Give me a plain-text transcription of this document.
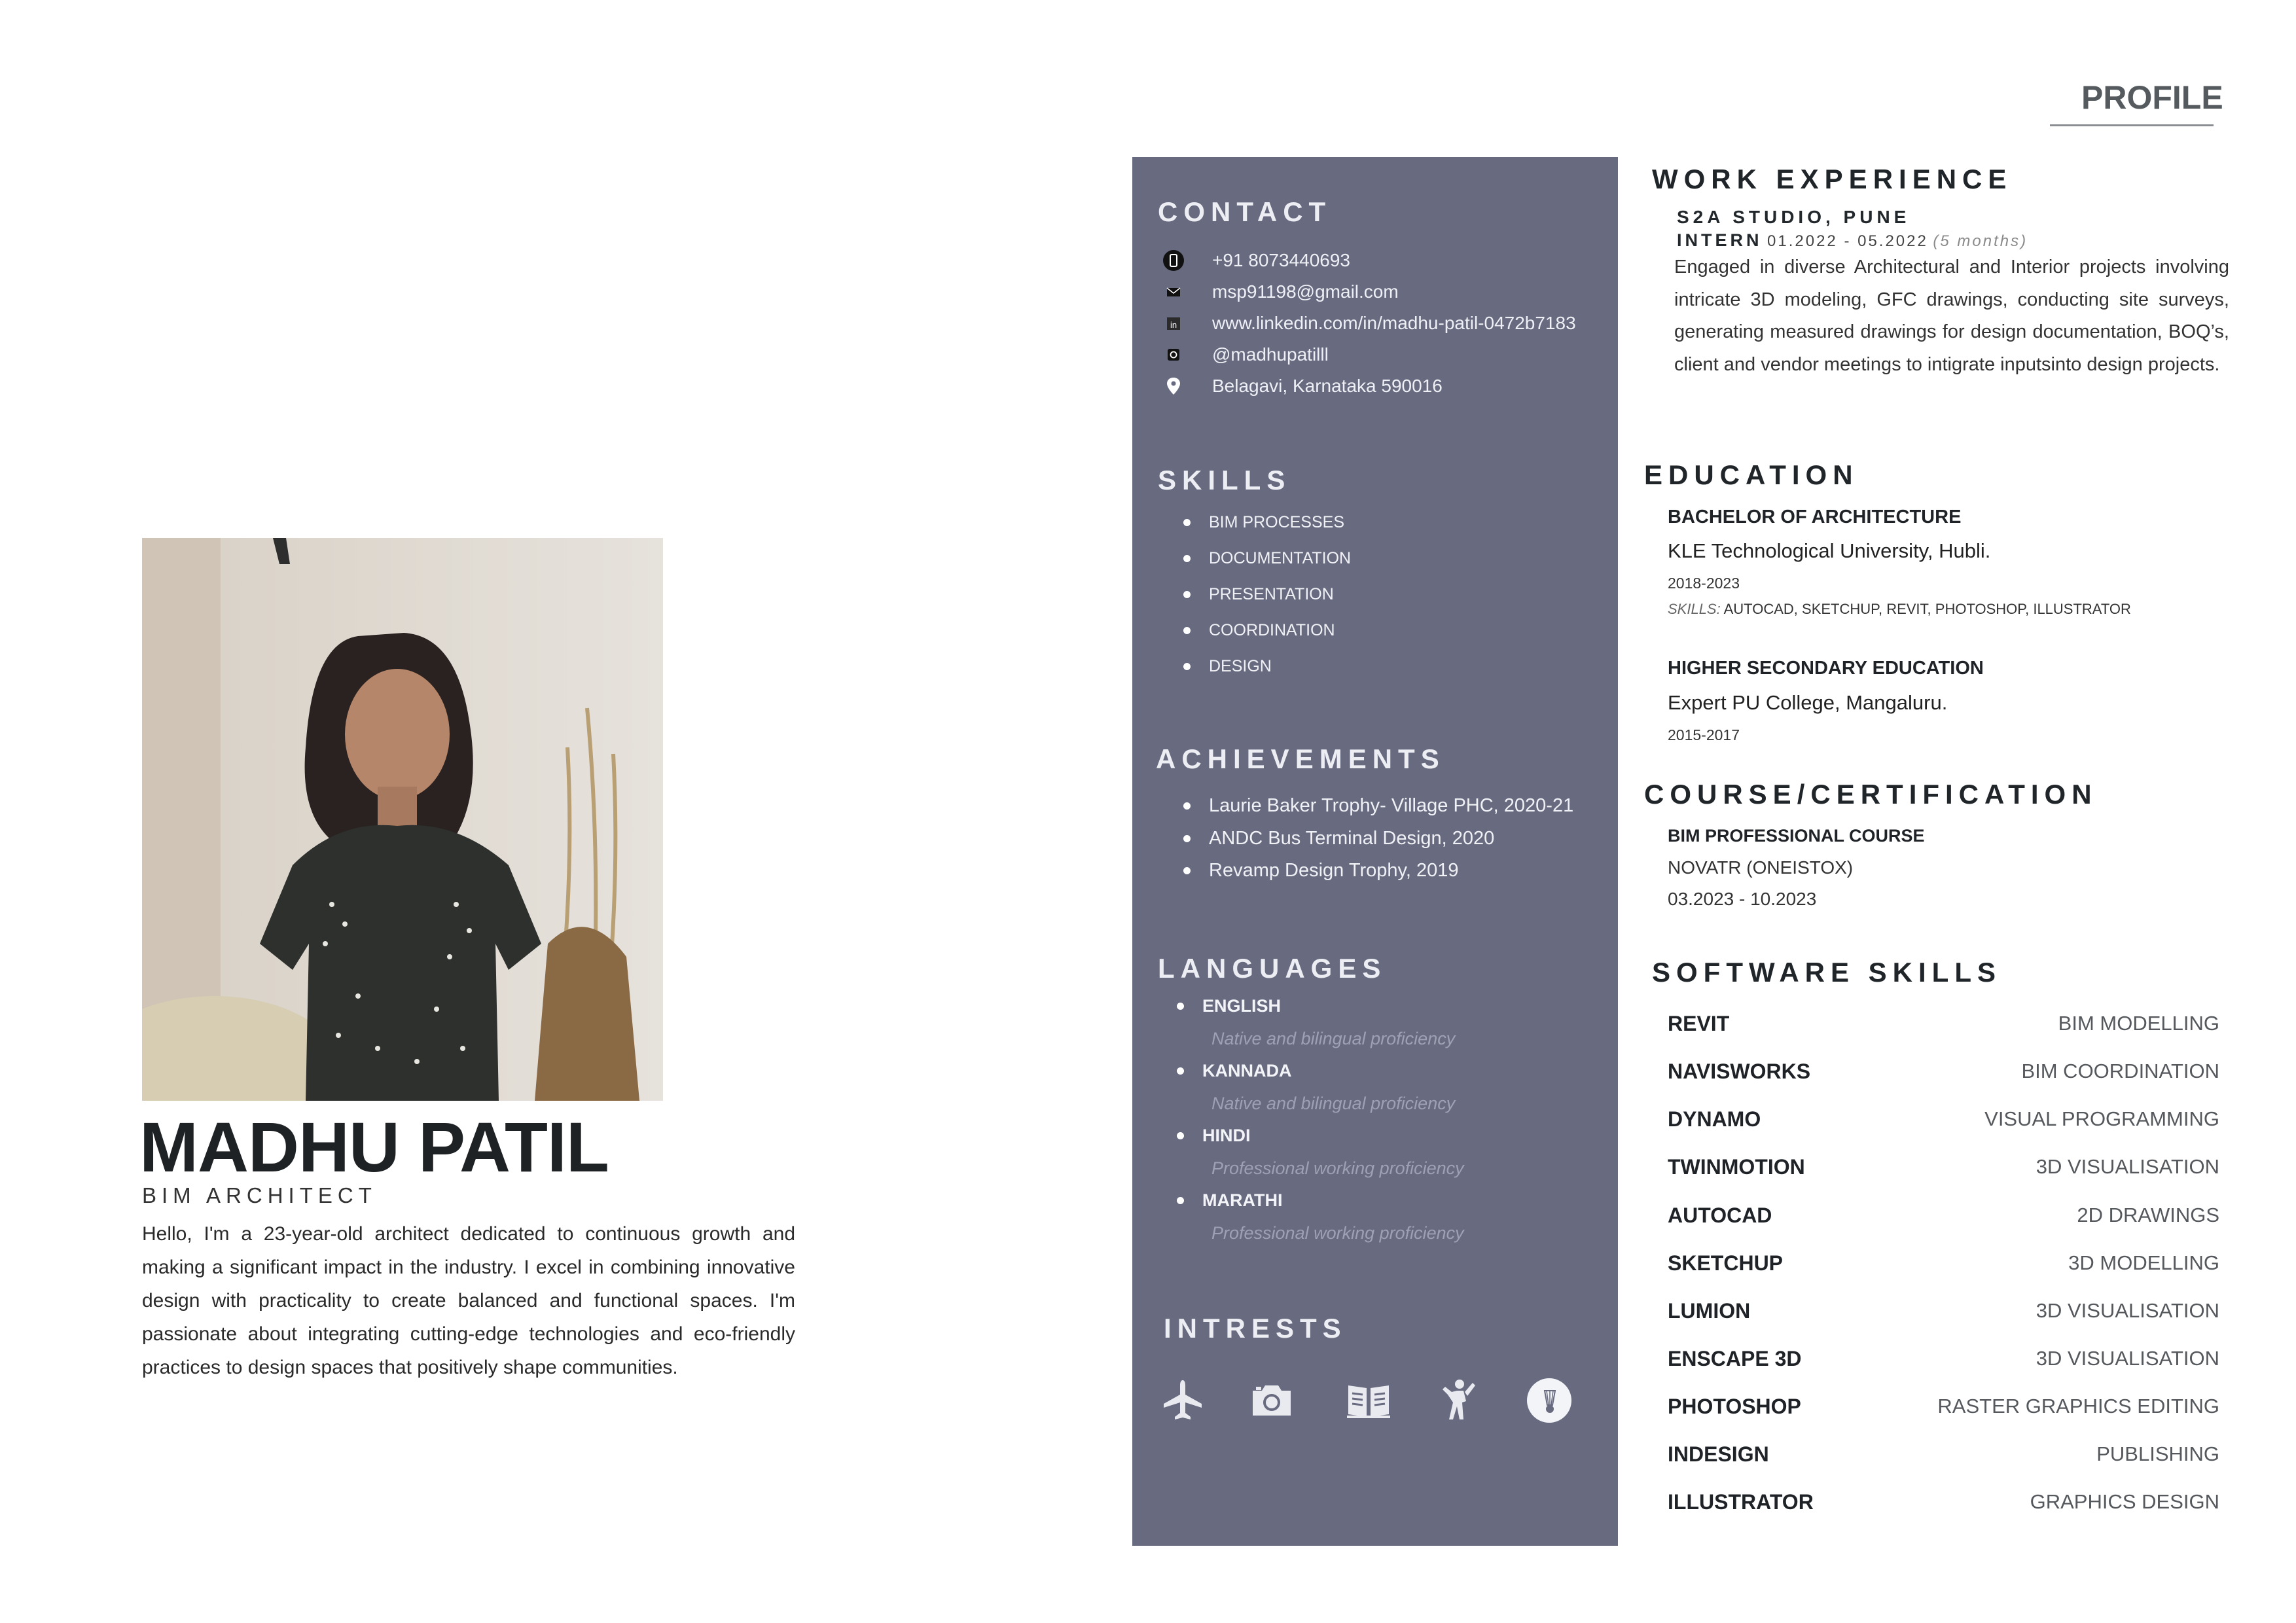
MADHU PATIL
BIM ARCHITECT
Hello, I'm a 23-year-old architect dedicated to continuous growth and making a significant impact in the industry. I excel in combining innovative design with practicality to create balanced and functional spaces. I'm passionate about integrating cutting-edge technologies and eco-friendly practices to design spaces that positively shape communities.
PROFILE
CONTACT
+91 8073440693
msp91198@gmail.com
in www.linkedin.com/in/madhu-patil-0472b7183
@madhupatilll
Belagavi, Karnataka 590016
SKILLS
BIM PROCESSES
DOCUMENTATION
PRESENTATION
COORDINATION
DESIGN
ACHIEVEMENTS
Laurie Baker Trophy- Village PHC, 2020-21
ANDC Bus Terminal Design, 2020
Revamp Design Trophy, 2019
LANGUAGES
ENGLISH
Native and bilingual proficiency
KANNADA
Native and bilingual proficiency
HINDI
Professional working proficiency
MARATHI
Professional working proficiency
INTRESTS
WORK EXPERIENCE
S2A STUDIO, PUNE
INTERN 01.2022 - 05.2022 (5 months)
Engaged in diverse Architectural and Interior projects involving intricate 3D modeling, GFC drawings, conducting site surveys, generating measured drawings for design documentation, BOQ’s, client and vendor meetings to intigrate inputsinto design projects.
EDUCATION
BACHELOR OF ARCHITECTURE
KLE Technological University, Hubli.
2018-2023
SKILLS: AUTOCAD, SKETCHUP, REVIT, PHOTOSHOP, ILLUSTRATOR
HIGHER SECONDARY EDUCATION
Expert PU College, Mangaluru.
2015-2017
COURSE/CERTIFICATION
BIM PROFESSIONAL COURSE
NOVATR (ONEISTOX)
03.2023 - 10.2023
SOFTWARE SKILLS
REVIT	BIM MODELLING
NAVISWORKS	BIM COORDINATION
DYNAMO	VISUAL PROGRAMMING
TWINMOTION	3D VISUALISATION
AUTOCAD	2D DRAWINGS
SKETCHUP	3D MODELLING
LUMION	3D VISUALISATION
ENSCAPE 3D	3D VISUALISATION
PHOTOSHOP	RASTER GRAPHICS EDITING
INDESIGN	PUBLISHING
ILLUSTRATOR	GRAPHICS DESIGN
